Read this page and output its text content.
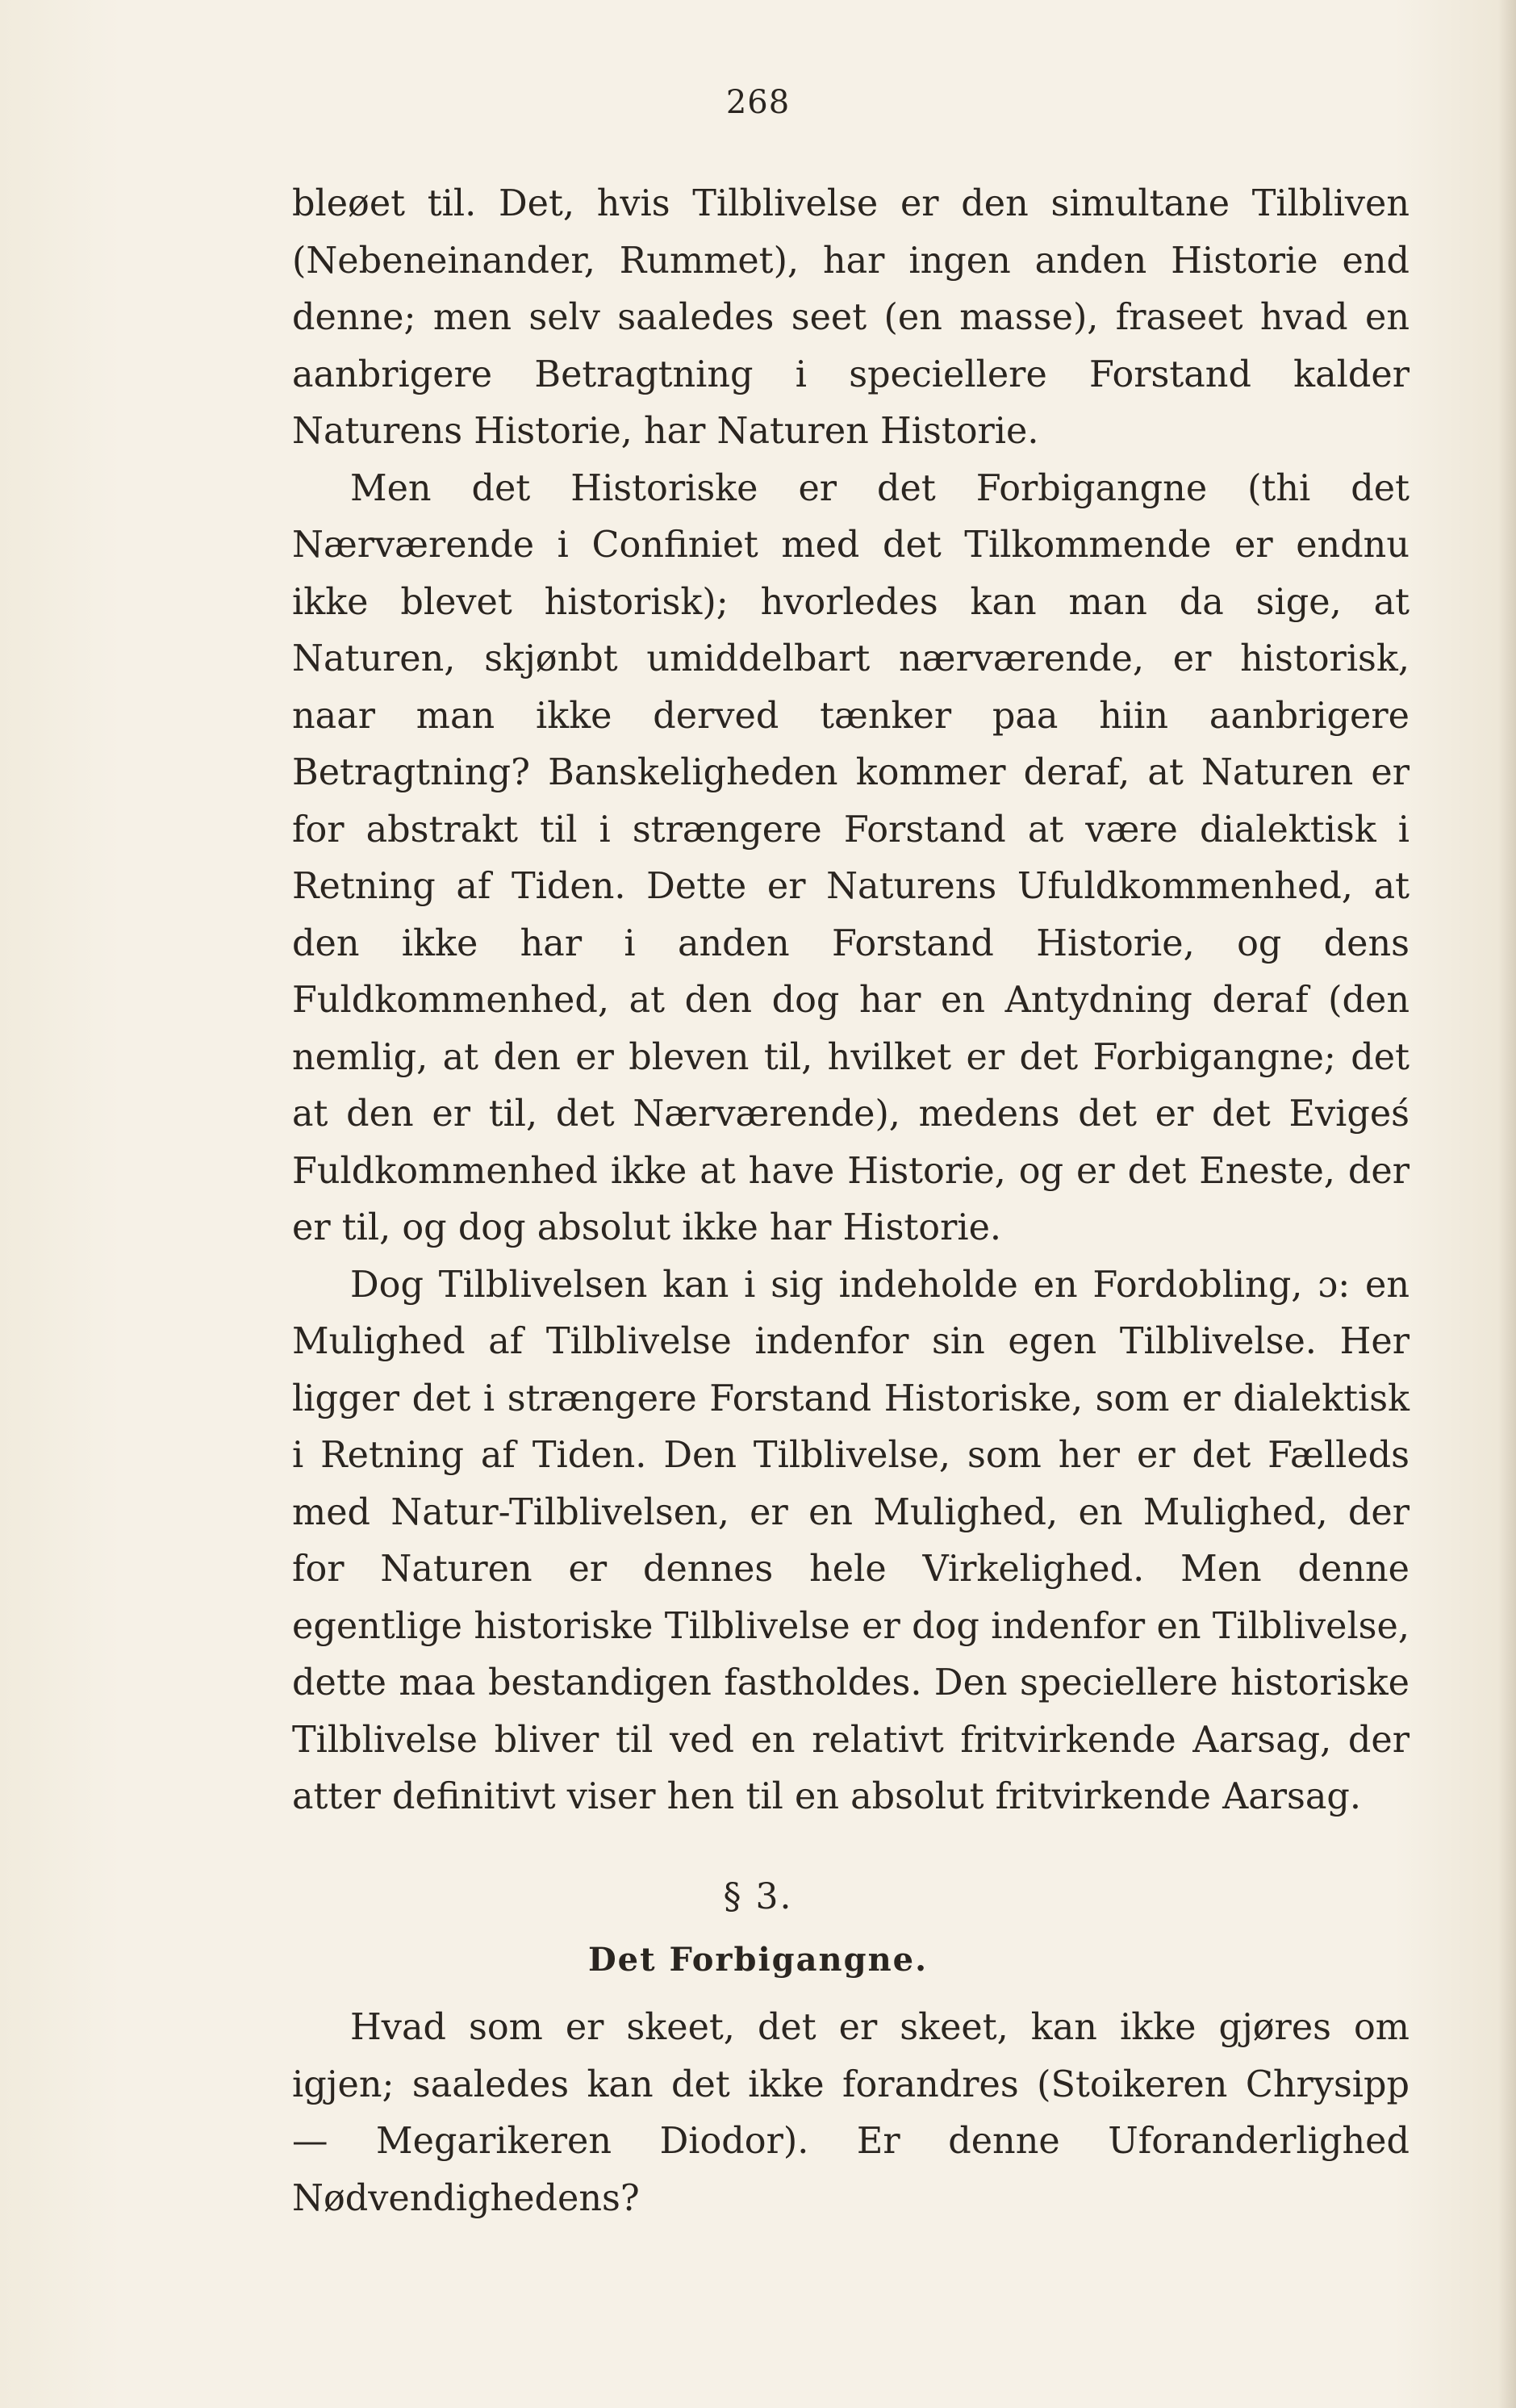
268

bleøet til. Det, hvis Tilblivelse er den simultane Tilbliven (Nebeneinander, Rummet), har ingen anden Historie end denne; men selv saaledes seet (en masse), fraseet hvad en aanbrigere Betragtning i speciellere Forstand kalder Naturens Historie, har Naturen Historie.

Men det Historiske er det Forbigangne (thi det Nærværende i Confiniet med det Tilkommende er endnu ikke blevet historisk); hvorledes kan man da sige, at Naturen, skjønbt umiddelbart nærværende, er historisk, naar man ikke derved tænker paa hiin aanbrigere Betragtning? Banskeligheden kommer deraf, at Naturen er for abstrakt til i strængere Forstand at være dialektisk i Retning af Tiden. Dette er Naturens Ufuldkommenhed, at den ikke har i anden Forstand Historie, og dens Fuldkommenhed, at den dog har en Antydning deraf (den nemlig, at den er bleven til, hvilket er det Forbigangne; det at den er til, det Nærværende), medens det er det Evigeś Fuldkommenhed ikke at have Historie, og er det Eneste, der er til, og dog absolut ikke har Historie.

Dog Tilblivelsen kan i sig indeholde en Fordobling, ɔ: en Mulighed af Tilblivelse indenfor sin egen Tilblivelse. Her ligger det i strængere Forstand Historiske, som er dialektisk i Retning af Tiden. Den Tilblivelse, som her er det Fælleds med Natur-Tilblivelsen, er en Mulighed, en Mulighed, der for Naturen er dennes hele Virkelighed. Men denne egentlige historiske Tilblivelse er dog indenfor en Tilblivelse, dette maa bestandigen fastholdes. Den speciellere historiske Tilblivelse bliver til ved en relativt fritvirkende Aarsag, der atter definitivt viser hen til en absolut fritvirkende Aarsag.

§ 3.
Det Forbigangne.

Hvad som er skeet, det er skeet, kan ikke gjøres om igjen; saaledes kan det ikke forandres (Stoikeren Chrysipp — Megarikeren Diodor). Er denne Uforanderlighed Nødvendighedens?
